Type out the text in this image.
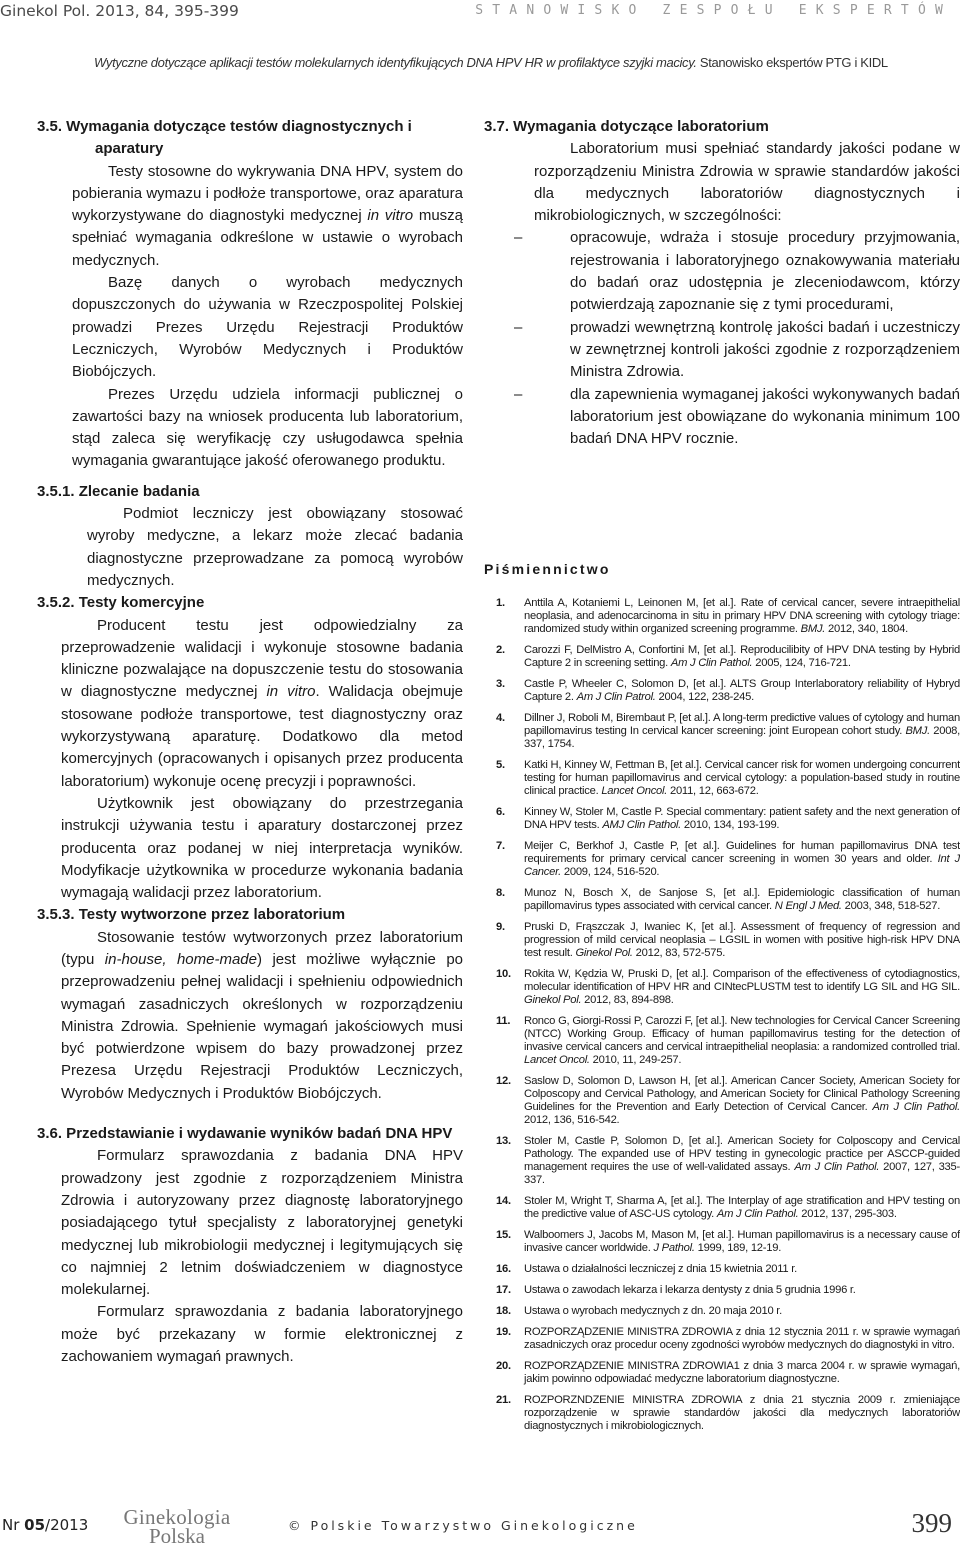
Ginekol Pol. 2013, 84, 395-399	STANOWISKO ZESPOŁU EKSPERTÓW
Wytyczne dotyczące aplikacji testów molekularnych identyfikujących DNA HPV HR w profilaktyce szyjki macicy. Stanowisko ekspertów PTG i KIDL
3.5. Wymagania dotyczące testów diagnostycznych i aparatury

Testy stosowne do wykrywania DNA HPV, system do pobierania wymazu i podłoże transportowe, oraz aparatura wykorzystywane do diagnostyki medycznej in vitro muszą spełniać wymagania odkreślone w ustawie o wyrobach medycznych.

Bazę danych o wyrobach medycznych dopuszczonych do używania w Rzeczpospolitej Polskiej prowadzi Prezes Urzędu Rejestracji Produktów Leczniczych, Wyrobów Medycznych i Produktów Biobójczych.

Prezes Urzędu udziela informacji publicznej o zawartości bazy na wniosek producenta lub laboratorium, stąd zaleca się weryfikację czy usługodawca spełnia wymagania gwarantujące jakość oferowanego produktu.

3.5.1. Zlecanie badania

Podmiot leczniczy jest obowiązany stosować wyroby medyczne, a lekarz może zlecać badania diagnostyczne przeprowadzane za pomocą wyrobów medycznych.

3.5.2. Testy komercyjne

Producent testu jest odpowiedzialny za przeprowadzenie walidacji i wykonuje stosowne badania kliniczne pozwalające na dopuszczenie testu do stosowania w diagnostyczne medycznej in vitro. Walidacja obejmuje stosowane podłoże transportowe, test diagnostyczny oraz wykorzystywaną aparaturę. Dodatkowo dla metod komercyjnych (opracowanych i opisanych przez producenta laboratorium) wykonuje ocenę precyzji i poprawności.

Użytkownik jest obowiązany do przestrzegania instrukcji używania testu i aparatury dostarczonej przez producenta oraz podanej w niej interpretacja wyników. Modyfikacje użytkownika w procedurze wykonania badania wymagają walidacji przez laboratorium.

3.5.3. Testy wytworzone przez laboratorium

Stosowanie testów wytworzonych przez laboratorium (typu in-house, home-made) jest możliwe wyłącznie po przeprowadzeniu pełnej walidacji i spełnieniu odpowiednich wymagań zasadniczych określonych w rozporządzeniu Ministra Zdrowia. Spełnienie wymagań jakościowych musi być potwierdzone wpisem do bazy prowadzonej przez Prezesa Urzędu Rejestracji Produktów Leczniczych, Wyrobów Medycznych i Produktów Biobójczych.

3.6. Przedstawianie i wydawanie wyników badań DNA HPV

Formularz sprawozdania z badania DNA HPV prowadzony jest zgodnie z rozporządzeniem Ministra Zdrowia i autoryzowany przez diagnostę laboratoryjnego posiadającego tytuł specjalisty z laboratoryjnej genetyki medycznej lub mikrobiologii medycznej i legitymujących się co najmniej 2 letnim doświadczeniem w diagnostyce molekularnej.

Formularz sprawozdania z badania laboratoryjnego może być przekazany w formie elektronicznej z zachowaniem wymagań prawnych.

3.7. Wymagania dotyczące laboratorium

Laboratorium musi spełniać standardy jakości podane w rozporządzeniu Ministra Zdrowia w sprawie standardów jakości dla medycznych laboratoriów diagnostycznych i mikrobiologicznych, w szczególności:

– opracowuje, wdraża i stosuje procedury przyjmowania, rejestrowania i laboratoryjnego oznakowywania materiału do badań oraz udostępnia je zleceniodawcom, którzy potwierdzają zapoznanie się z tymi procedurami,
– prowadzi wewnętrzną kontrolę jakości badań i uczestniczy w zewnętrznej kontroli jakości zgodnie z rozporządzeniem Ministra Zdrowia.
– dla zapewnienia wymaganej jakości wykonywanych badań laboratorium jest obowiązane do wykonania minimum 100 badań DNA HPV rocznie.
Piśmiennictwo
1. Anttila A, Kotaniemi L, Leinonen M, [et al.]. Rate of cervical cancer, severe intraepithelial neoplasia, and adenocarcinoma in situ in primary HPV DNA screening with cytology triage: randomized study within organized screening programme. BMJ. 2012, 340, 1804.
2. Carozzi F, DelMistro A, Confortini M, [et al.]. Reproducilibity of HPV DNA testing by Hybrid Capture 2 in screening setting. Am J Clin Pathol. 2005, 124, 716-721.
3. Castle P, Wheeler C, Solomon D, [et al.]. ALTS Group Interlaboratory reliability of Hybryd Capture 2. Am J Clin Patrol. 2004, 122, 238-245.
4. Dillner J, Roboli M, Birembaut P, [et al.]. A long-term predictive values of cytology and human papillomavirus testing In cervical kancer screening: joint European cohort study. BMJ. 2008, 337, 1754.
5. Katki H, Kinney W, Fettman B, [et al.]. Cervical cancer risk for women undergoing concurrent testing for human papillomavirus and cervical cytology: a population-based study in routine clinical practice. Lancet Oncol. 2011, 12, 663-672.
6. Kinney W, Stoler M, Castle P. Special commentary: patient safety and the next generation of DNA HPV tests. AMJ Clin Pathol. 2010, 134, 193-199.
7. Meijer C, Berkhof J, Castle P, [et al.]. Guidelines for human papillomavirus DNA test requirements for primary cervical cancer screening in women 30 years and older. Int J Cancer. 2009, 124, 516-520.
8. Munoz N, Bosch X, de Sanjose S, [et al.]. Epidemiologic classification of human papillomavirus types associated with cervical cancer. N Engl J Med. 2003, 348, 518-527.
9. Pruski D, Frąszczak J, Iwaniec K, [et al.]. Assessment of frequency of regression and progression of mild cervical neoplasia – LGSIL in women with positive high-risk HPV DNA test result. Ginekol Pol. 2012, 83, 572-575.
10. Rokita W, Kędzia W, Pruski D, [et al.]. Comparison of the effectiveness of cytodiagnostics, molecular identification of HPV HR and CINtecPLUSTM test to identify LG SIL and HG SIL. Ginekol Pol. 2012, 83, 894-898.
11. Ronco G, Giorgi-Rossi P, Carozzi F, [et al.]. New technologies for Cervical Cancer Screening (NTCC) Working Group. Efficacy of human papillomavirus testing for the detection of invasive cervical cancers and cervical intraepithelial neoplasia: a randomized controlled trial. Lancet Oncol. 2010, 11, 249-257.
12. Saslow D, Solomon D, Lawson H, [et al.]. American Cancer Society, American Society for Colposcopy and Cervical Pathology, and American Society for Clinical Pathology Screening Guidelines for the Prevention and Early Detection of Cervical Cancer. Am J Clin Pathol. 2012, 136, 516-542.
13. Stoler M, Castle P, Solomon D, [et al.]. American Society for Colposcopy and Cervical Pathology. The expanded use of HPV testing in gynecologic practice per ASCCP-guided management requires the use of well-validated assays. Am J Clin Pathol. 2007, 127, 335-337.
14. Stoler M, Wright T, Sharma A, [et al.]. The Interplay of age stratification and HPV testing on the predictive value of ASC-US cytology. Am J Clin Pathol. 2012, 137, 295-303.
15. Walboomers J, Jacobs M, Mason M, [et al.]. Human papillomavirus is a necessary cause of invasive cancer worldwide. J Pathol. 1999, 189, 12-19.
16. Ustawa o działalności leczniczej z dnia 15 kwietnia 2011 r.
17. Ustawa o zawodach lekarza i lekarza dentysty z dnia 5 grudnia 1996 r.
18. Ustawa o wyrobach medycznych z dn. 20 maja 2010 r.
19. ROZPORZĄDZENIE MINISTRA ZDROWIA z dnia 12 stycznia 2011 r. w sprawie wymagań zasadniczych oraz procedur oceny zgodności wyrobów medycznych do diagnostyki in vitro.
20. ROZPORZĄDZENIE MINISTRA ZDROWIA1 z dnia 3 marca 2004 r. w sprawie wymagań, jakim powinno odpowiadać medyczne laboratorium diagnostyczne.
21. ROZPORZNDZENIE MINISTRA ZDROWIA z dnia 21 stycznia 2009 r. zmieniające rozporządzenie w sprawie standardów jakości dla medycznych laboratoriów diagnostycznych i mikrobiologicznych.
Nr 05/2013 Ginekologia
Polska	© Polskie Towarzystwo Ginekologiczne	399
